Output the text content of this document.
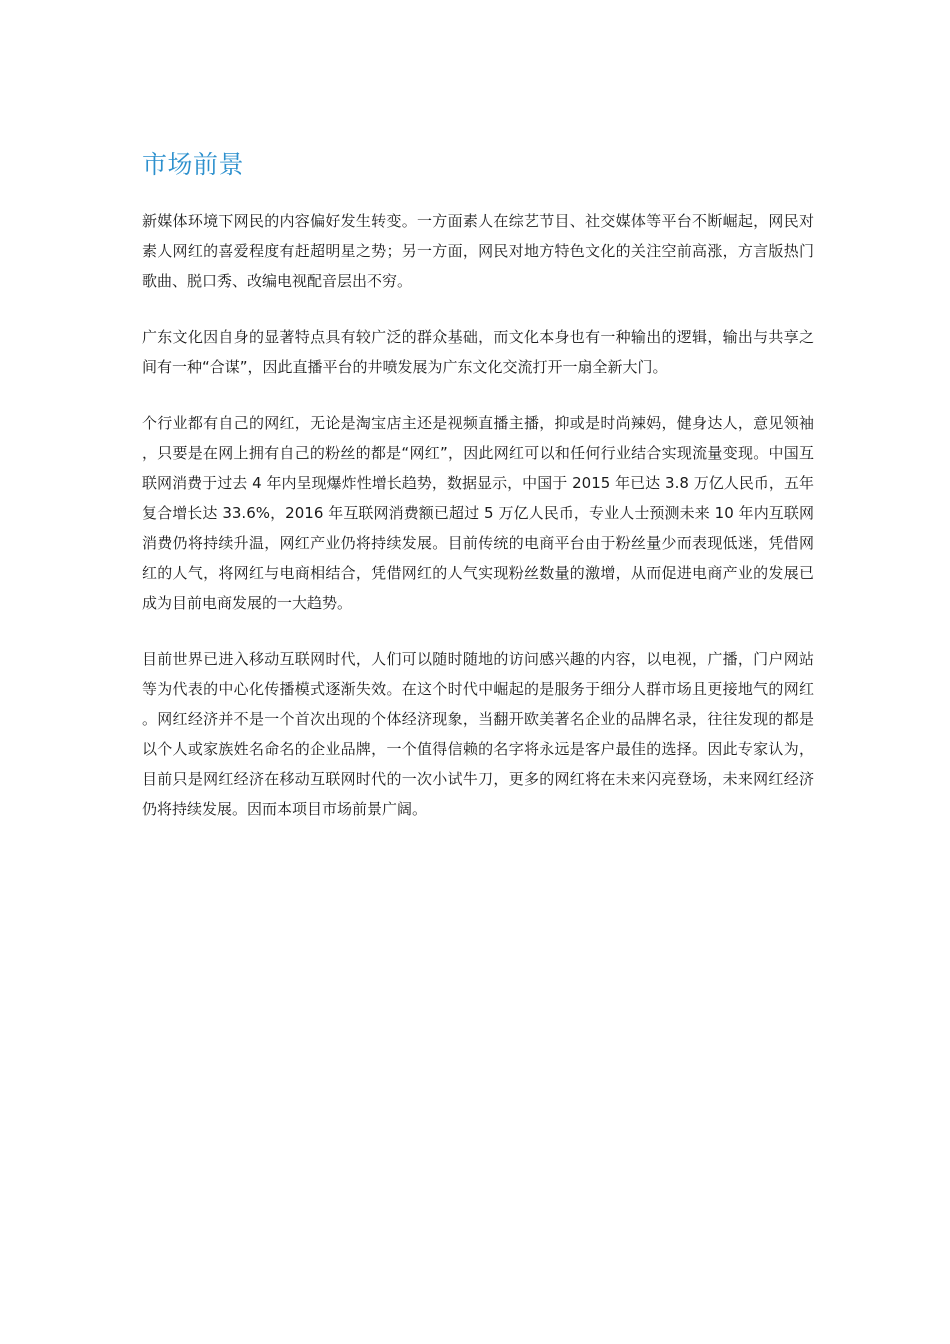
市场前景

新媒体环境下网民的内容偏好发生转变。一方面素人在综艺节目、社交媒体等平台不断崛起，网民对素人网红的喜爱程度有赶超明星之势；另一方面，网民对地方特色文化的关注空前高涨，方言版热门歌曲、脱口秀、改编电视配音层出不穷。

广东文化因自身的显著特点具有较广泛的群众基础，而文化本身也有一种输出的逻辑，输出与共享之间有一种“合谋”，因此直播平台的井喷发展为广东文化交流打开一扇全新大门。

个行业都有自己的网红，无论是淘宝店主还是视频直播主播，抑或是时尚辣妈，健身达人，意见领袖，只要是在网上拥有自己的粉丝的都是“网红”，因此网红可以和任何行业结合实现流量变现。中国互联网消费于过去 4 年内呈现爆炸性增长趋势，数据显示，中国于 2015 年已达 3.8 万亿人民币，五年复合增长达 33.6%，2016 年互联网消费额已超过 5 万亿人民币，专业人士预测未来 10 年内互联网消费仍将持续升温，网红产业仍将持续发展。目前传统的电商平台由于粉丝量少而表现低迷，凭借网红的人气，将网红与电商相结合，凭借网红的人气实现粉丝数量的激增，从而促进电商产业的发展已成为目前电商发展的一大趋势。

目前世界已进入移动互联网时代，人们可以随时随地的访问感兴趣的内容，以电视，广播，门户网站等为代表的中心化传播模式逐渐失效。在这个时代中崛起的是服务于细分人群市场且更接地气的网红。网红经济并不是一个首次出现的个体经济现象，当翻开欧美著名企业的品牌名录，往往发现的都是以个人或家族姓名命名的企业品牌，一个值得信赖的名字将永远是客户最佳的选择。因此专家认为，目前只是网红经济在移动互联网时代的一次小试牛刀，更多的网红将在未来闪亮登场，未来网红经济仍将持续发展。因而本项目市场前景广阔。
